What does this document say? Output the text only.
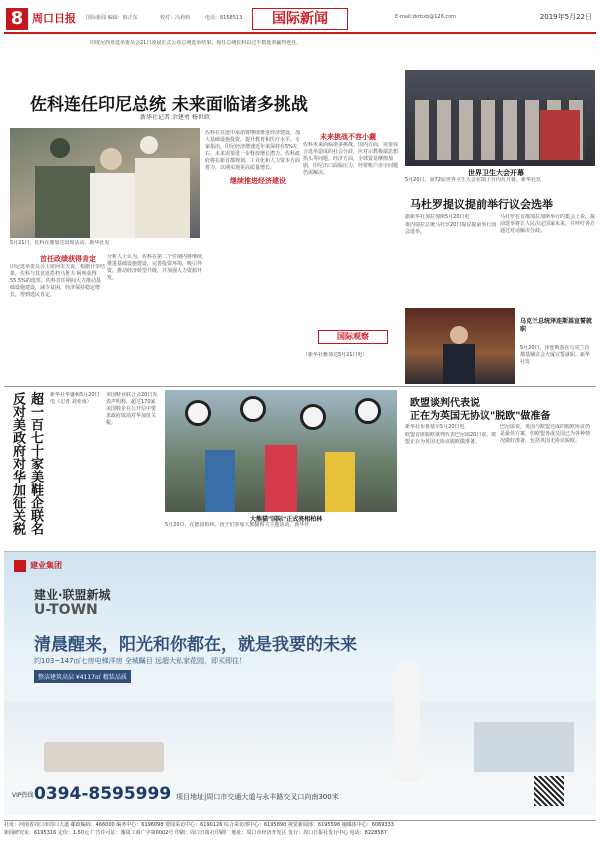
8 周口日报 国际新闻 编辑：韩正东	校对：冯莉莉	电话：8158513	国际新闻	E-mail:zkrbxb@126.com	2019年5月22日
印度尼西亚选举委员会21日凌晨正式公布总统选举结果，现任总统佐科以过半数选票赢得连任。
佐科连任印尼总统 未来面临诸多挑战
新华社记者 余建勇 杨世政
5月21日，佐科在雅加达出席活动。新华社发
首任政绩获得肯定
印尼选举委员会主席阿里夫说，根据计票结果，佐科与其竞选搭档马鲁夫·阿明获得55.5%的选票。佐科首任期间大力推动基础设施建设，减少贫困，经济保持稳定增长，得到选民肯定。
分析人士认为，佐科在第二个任期内将继续推进基础设施建设，完善投资环境，吸引外资，推动经济转型升级，并加强人力资源开发。
继续推进经济建设
佐科在竞选中承诺将继续推进经济建设，加大基础设施投资，提升教育和医疗水平。专家指出，印尼经济增速近年来保持在5%左右，未来需要进一步释放增长潜力。佐科政府将在新首都规划、工业化和人力资本方面着力，以期实现更高质量增长。
未来挑战不容小觑
佐科未来面临诸多挑战。国内方面，需要弥合选举造成的社会分歧，应对宗教极端思想抬头等问题。经济方面，全球贸易摩擦加剧，印尼出口面临压力，经常账户赤字问题仍需解决。
国际观察
（新华社雅加达5月21日电）
世界卫生大会开幕
5月20日，第72届世界卫生大会在瑞士日内瓦开幕。新华社发
马杜罗提议提前举行议会选举
据新华社加拉加斯5月20日电
委内瑞拉总统马杜罗20日提议提前举行国会选举。
马杜罗在首都加拉加斯举行的集会上说，提前选举将让人民决定国家未来，并呼吁各方通过对话解决分歧。
乌克兰总统泽连斯基宣誓就职
5月20日，泽连斯基在乌克兰首都基辅议会大厦宣誓就职。新华社发
超一百七十家美鞋企联名反对美政府对华加征关税	新华社华盛顿5月20日电（记者 刘亚南）
美国鞋业联合会20日发表声明称，超过170家美国鞋企在公开信中要求政府取消对华加征关税。
大熊猫"国际"正式亮相柏林
5月20日，在德国柏林，孩子们参加大熊猫相关主题活动。新华社
欧盟谈判代表说
正在为英国无协议"脱欧"做准备
新华社布鲁塞尔5月20日电
欧盟首席脱欧谈判代表巴尼耶20日说，欧盟正在为英国无协议脱欧做准备。
巴尼耶说，英国与欧盟达成的脱欧协议仍是最佳方案，但欧盟各成员国已为各种情况做好准备，包括英国无协议脱欧。
建业集团
建业·联盟新城
U-TOWN
清晨醒来，阳光和你都在，就是我要的未来
约103~147㎡七房电梯洋房 全城瞩目 远超大私家花园，即买即住！
整洁建筑高层 ¥4117㎡ 精装品质
VIP热线 0394-8595999 项目地址|周口市交通大道与永丰路交叉口向南300米
社址：河南省周口市周口大道 邮政编码：466000 编务中心：6196098 要闻采访中心：6190126 综合采访部中心：6195890 视觉新闻部：6195598 融媒体中心：6069333
新闻研究室：6195316 定价：1.50元 广告许可证：豫周工商广字第0002号 印刷：周口日报社印刷厂 地址：周口市经济开发区 发行：周口日报社发行中心 电话：8228587
